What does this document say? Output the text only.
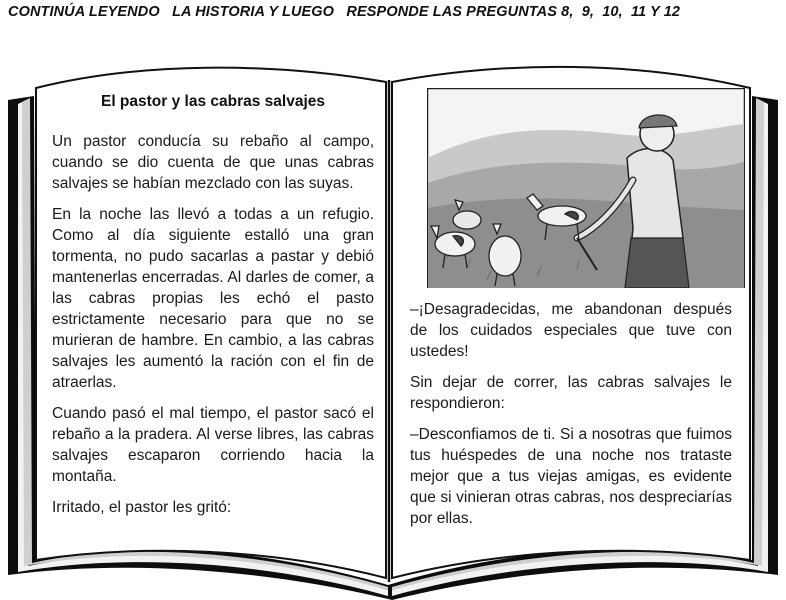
CONTINÚA LEYENDO   LA HISTORIA Y LUEGO   RESPONDE LAS PREGUNTAS 8,  9,  10,  11 Y 12
El pastor y las cabras salvajes

Un pastor conducía su rebaño al campo, cuando se dio cuenta de que unas cabras salvajes se habían mezclado con las suyas.

En la noche las llevó a todas a un refugio. Como al día siguiente estalló una gran tormenta, no pudo sacarlas a pastar y debió mantenerlas encerradas. Al darles de comer, a las cabras propias les echó el pasto estrictamente necesario para que no se murieran de hambre. En cambio, a las cabras salvajes les aumentó la ración con el fin de atraerlas.

Cuando pasó el mal tiempo, el pastor sacó el rebaño a la pradera. Al verse libres, las cabras salvajes escaparon corriendo hacia la montaña.

Irritado, el pastor les gritó:

–¡Desagradecidas, me abandonan después de los cuidados especiales que tuve con ustedes!

Sin dejar de correr, las cabras salvajes le respondieron:

–Desconfiamos de ti. Si a nosotras que fuimos tus huéspedes de una noche nos trataste mejor que a tus viejas amigas, es evidente que si vinieran otras cabras, nos despreciarías por ellas.
